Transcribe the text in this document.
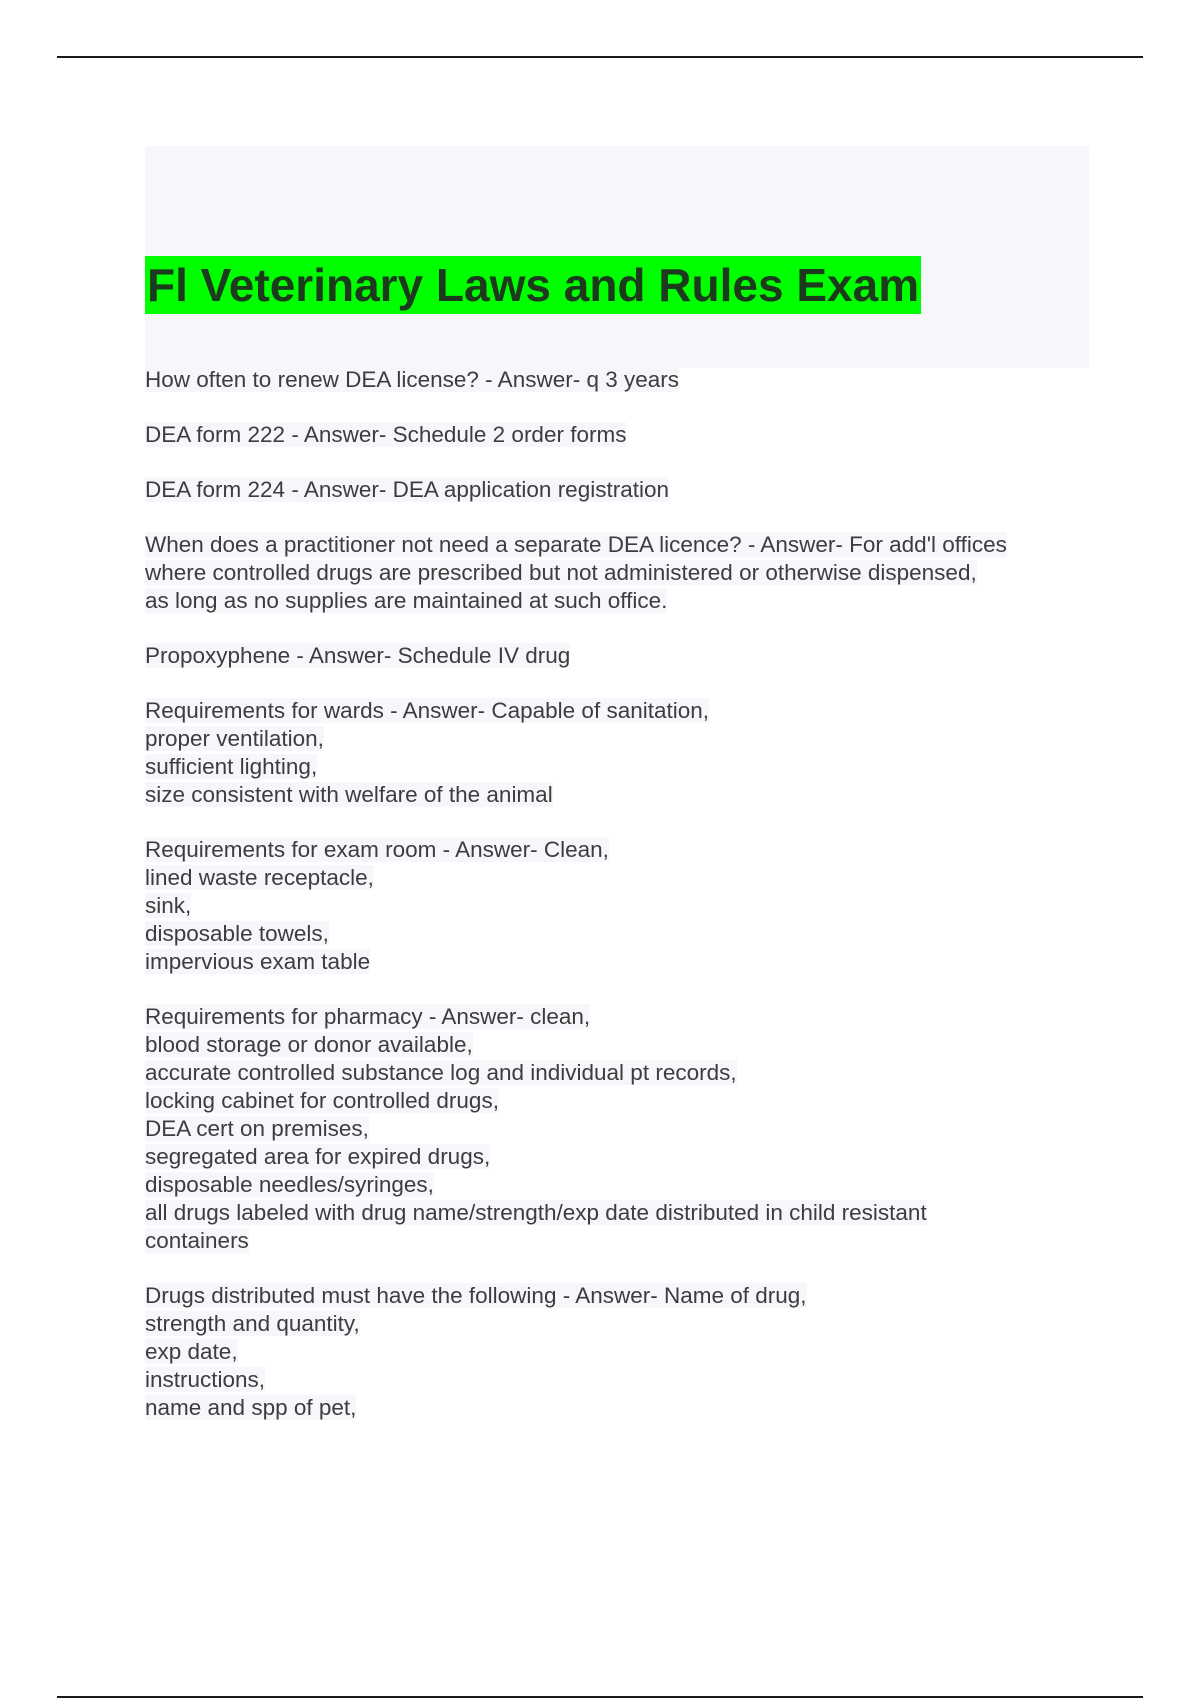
Fl Veterinary Laws and Rules Exam
How often to renew DEA license? - Answer- q 3 years
DEA form 222 - Answer- Schedule 2 order forms
DEA form 224 - Answer- DEA application registration
When does a practitioner not need a separate DEA licence? - Answer- For add'l offices
where controlled drugs are prescribed but not administered or otherwise dispensed,
as long as no supplies are maintained at such office.
Propoxyphene - Answer- Schedule IV drug
Requirements for wards - Answer- Capable of sanitation,
proper ventilation,
sufficient lighting,
size consistent with welfare of the animal
Requirements for exam room - Answer- Clean,
lined waste receptacle,
sink,
disposable towels,
impervious exam table
Requirements for pharmacy - Answer- clean,
blood storage or donor available,
accurate controlled substance log and individual pt records,
locking cabinet for controlled drugs,
DEA cert on premises,
segregated area for expired drugs,
disposable needles/syringes,
all drugs labeled with drug name/strength/exp date distributed in child resistant
containers
Drugs distributed must have the following - Answer- Name of drug,
strength and quantity,
exp date,
instructions,
name and spp of pet,
